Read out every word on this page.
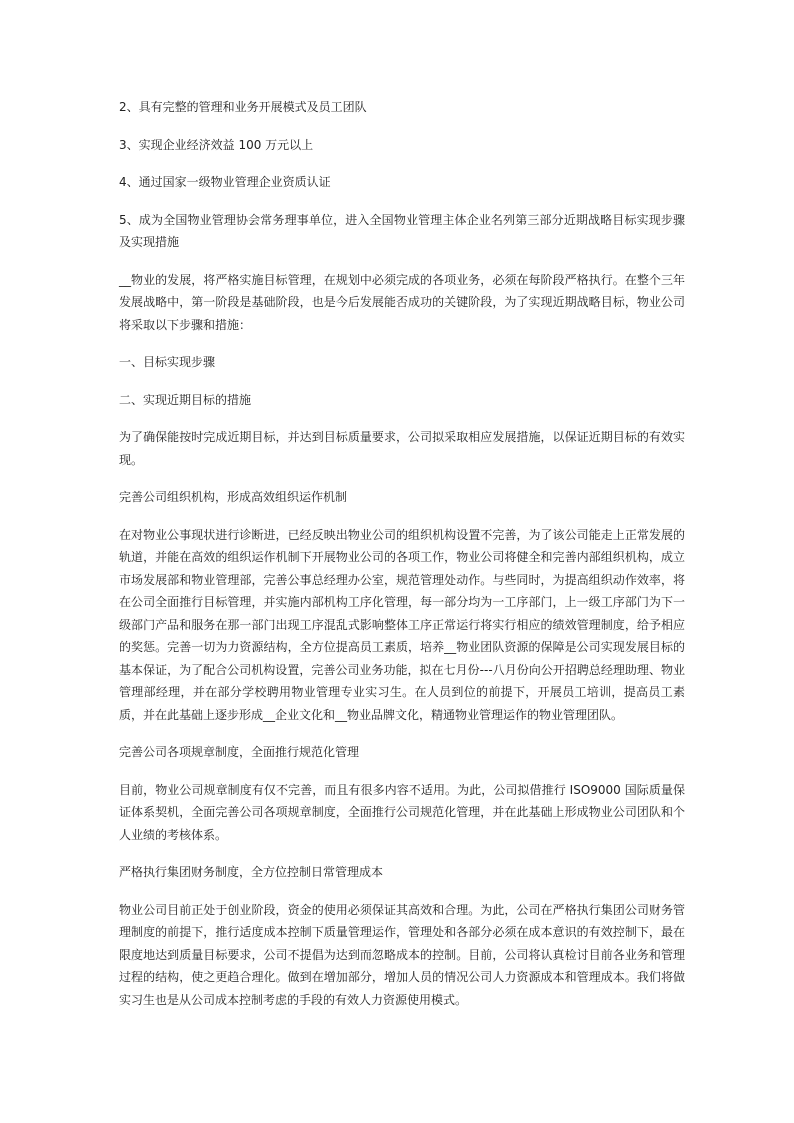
2、具有完整的管理和业务开展模式及员工团队

3、实现企业经济效益 100 万元以上

4、通过国家一级物业管理企业资质认证

5、成为全国物业管理协会常务理事单位，进入全国物业管理主体企业名列第三部分近期战略目标实现步骤及实现措施

__物业的发展，将严格实施目标管理，在规划中必须完成的各项业务，必须在每阶段严格执行。在整个三年发展战略中，第一阶段是基础阶段，也是今后发展能否成功的关键阶段，为了实现近期战略目标，物业公司将采取以下步骤和措施：

一、目标实现步骤

二、实现近期目标的措施

为了确保能按时完成近期目标，并达到目标质量要求，公司拟采取相应发展措施，以保证近期目标的有效实现。

完善公司组织机构，形成高效组织运作机制

在对物业公事现状进行诊断进，已经反映出物业公司的组织机构设置不完善，为了该公司能走上正常发展的轨道，并能在高效的组织运作机制下开展物业公司的各项工作，物业公司将健全和完善内部组织机构，成立市场发展部和物业管理部，完善公事总经理办公室，规范管理处动作。与些同时，为提高组织动作效率，将在公司全面推行目标管理，并实施内部机构工序化管理，每一部分均为一工序部门，上一级工序部门为下一级部门产品和服务在那一部门出现工序混乱式影响整体工序正常运行将实行相应的绩效管理制度，给予相应的奖惩。完善一切为力资源结构，全方位提高员工素质，培养__物业团队资源的保障是公司实现发展目标的基本保证，为了配合公司机构设置，完善公司业务功能，拟在七月份---八月份向公开招聘总经理助理、物业管理部经理，并在部分学校聘用物业管理专业实习生。在人员到位的前提下，开展员工培训，提高员工素质，并在此基础上逐步形成__企业文化和__物业品牌文化，精通物业管理运作的物业管理团队。

完善公司各项规章制度，全面推行规范化管理

目前，物业公司规章制度有仅不完善，而且有很多内容不适用。为此，公司拟借推行 ISO9000 国际质量保证体系契机，全面完善公司各项规章制度，全面推行公司规范化管理，并在此基础上形成物业公司团队和个人业绩的考核体系。

严格执行集团财务制度，全方位控制日常管理成本

物业公司目前正处于创业阶段，资金的使用必须保证其高效和合理。为此，公司在严格执行集团公司财务管理制度的前提下，推行适度成本控制下质量管理运作，管理处和各部分必须在成本意识的有效控制下，最在限度地达到质量目标要求，公司不提倡为达到而忽略成本的控制。目前，公司将认真检讨目前各业务和管理过程的结构，使之更趋合理化。做到在增加部分，增加人员的情况公司人力资源成本和管理成本。我们将做实习生也是从公司成本控制考虑的手段的有效人力资源使用模式。
